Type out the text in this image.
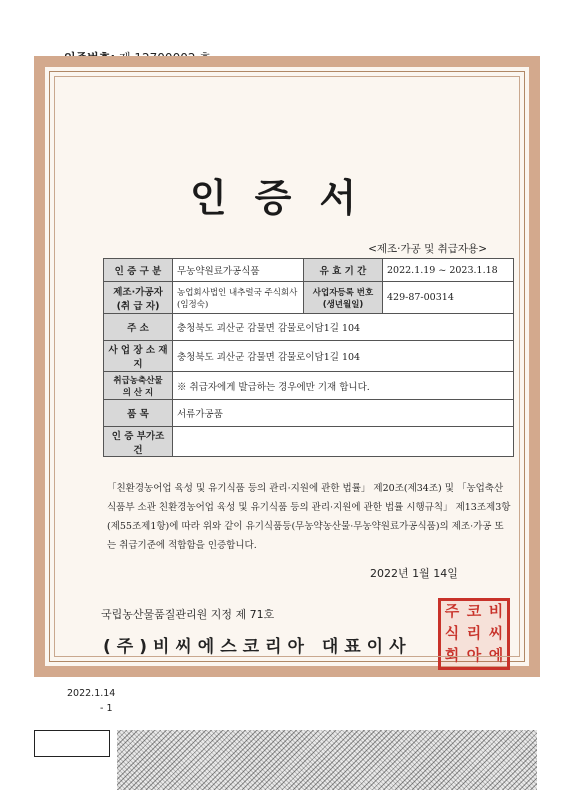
인증서
<제조·가공 및 취급자용>
인 증 구 분	무농약원료가공식품	유 효 기 간	2022.1.19 ~ 2023.1.18
제조·가공자 (취 급 자)	농업회사법인 내추럴국 주식회사 (임정숙)	사업자등록 번호(생년월일)	429-87-00314
주 소	충청북도 괴산군 감물면 감물로이담1길 104		
사 업 장 소 재 지	충청북도 괴산군 감물면 감물로이담1길 104		
취급농축산물 의 산 지	※ 취급자에게 발급하는 경우에만 기재 합니다.		
품 목	서류가공품		
인 증 부가조건			
「친환경농어업 육성 및 유기식품 등의 관리·지원에 관한 법률」 제20조(제34조) 및 「농업축산식품부 소관 친환경농어업 육성 및 유기식품 등의 관리·지원에 관한 법률 시행규칙」 제13조제3항(제55조제1항)에 따라 위와 같이 유기식품등(무농약농산물·무농약원료가공식품)의 제조·가공 또는 취급기준에 적합함을 인증합니다.
2022년 1월 14일
국립농산물품질관리원 지정 제 71호
(주)비씨에스코리아 대표이사
주 코 비
식 리 씨
회 아 에
2022.1.14
- 1
